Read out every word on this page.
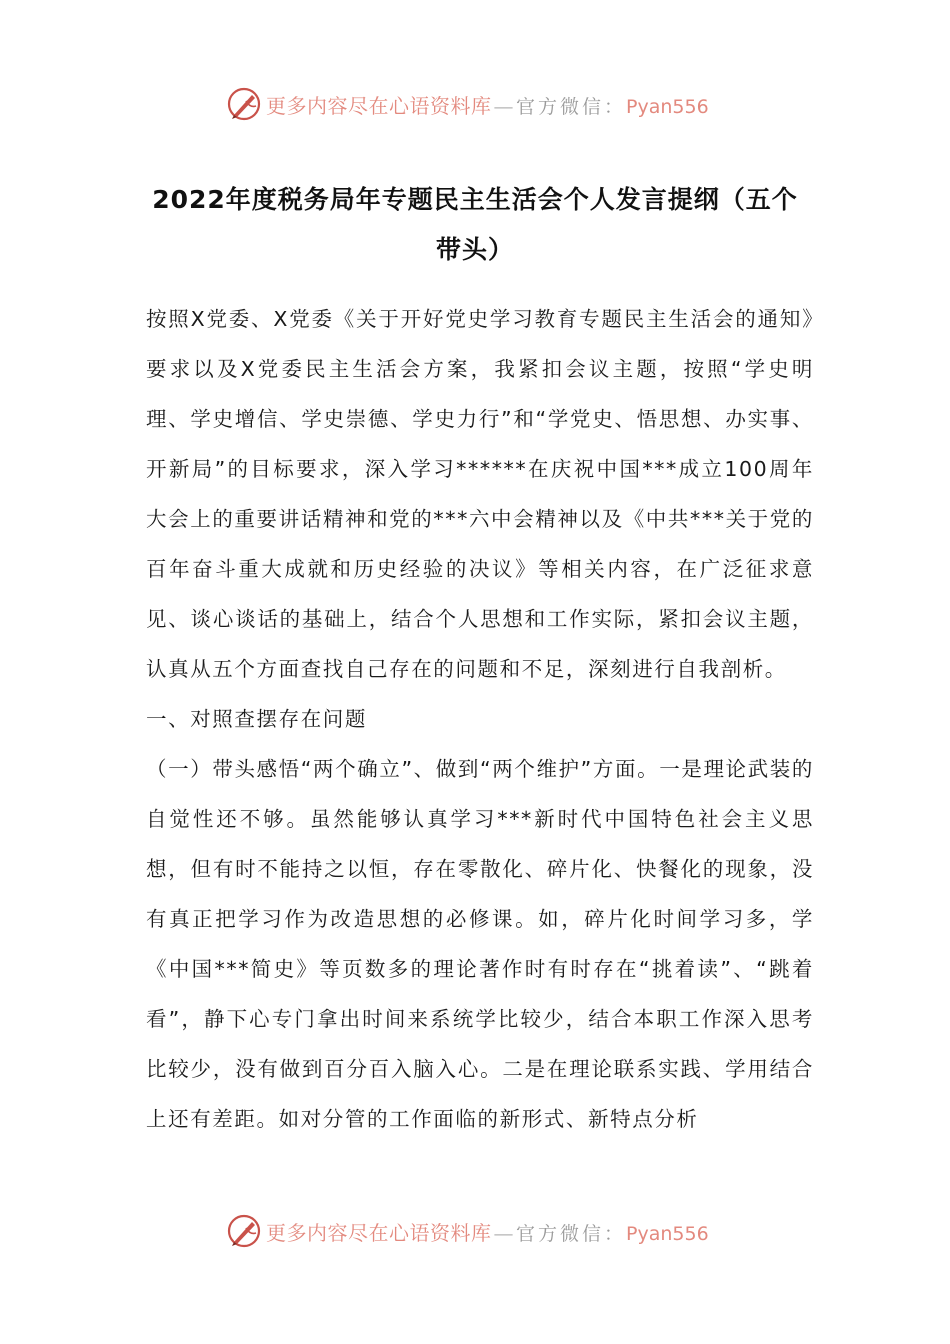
更多内容尽在心语资料库 — 官方微信：Pyan556
2022年度税务局年专题民主生活会个人发言提纲（五个带头）

按照X党委、X党委《关于开好党史学习教育专题民主生活会的通知》要求以及X党委民主生活会方案，我紧扣会议主题，按照“学史明理、学史增信、学史崇德、学史力行”和“学党史、悟思想、办实事、开新局”的目标要求，深入学习******在庆祝中国***成立100周年大会上的重要讲话精神和党的***六中会精神以及《中共***关于党的百年奋斗重大成就和历史经验的决议》等相关内容，在广泛征求意见、谈心谈话的基础上，结合个人思想和工作实际，紧扣会议主题，认真从五个方面查找自己存在的问题和不足，深刻进行自我剖析。

一、对照查摆存在问题

（一）带头感悟“两个确立”、做到“两个维护”方面。一是理论武装的自觉性还不够。虽然能够认真学习***新时代中国特色社会主义思想，但有时不能持之以恒，存在零散化、碎片化、快餐化的现象，没有真正把学习作为改造思想的必修课。如，碎片化时间学习多，学《中国***简史》等页数多的理论著作时有时存在“挑着读”、“跳着看”，静下心专门拿出时间来系统学比较少，结合本职工作深入思考比较少，没有做到百分百入脑入心。二是在理论联系实践、学用结合上还有差距。如对分管的工作面临的新形式、新特点分析

更多内容尽在心语资料库 — 官方微信：Pyan556
